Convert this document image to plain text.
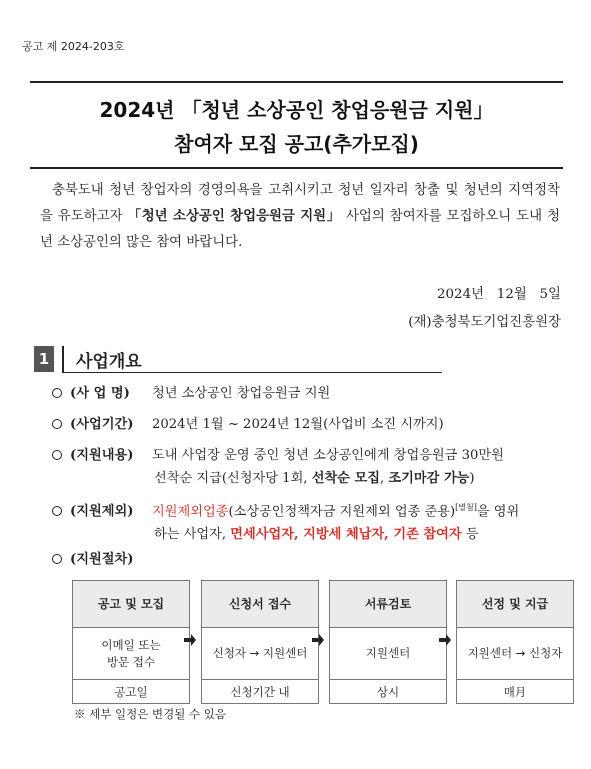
공고 제 2024-203호
2024년 「청년 소상공인 창업응원금 지원」
참여자 모집 공고(추가모집)
충북도내 청년 창업자의 경영의욕을 고취시키고 청년 일자리 창출 및 청년의 지역정착을 유도하고자 「청년 소상공인 창업응원금 지원」 사업의 참여자를 모집하오니 도내 청년 소상공인의 많은 참여 바랍니다.
2024년   12월   5일
(재)충청북도기업진흥원장
1 사업개요
(사 업 명) 청년 소상공인 창업응원금 지원
(사업기간) 2024년 1월 ~ 2024년 12월(사업비 소진 시까지)
(지원내용) 도내 사업장 운영 중인 청년 소상공인에게 창업응원금 30만원
선착순 지급(신청자당 1회, 선착순 모집, 조기마감 가능)
(지원제외) 지원제외업종(소상공인정책자금 지원제외 업종 준용)[별첨]을 영위
하는 사업자, 면세사업자, 지방세 체납자, 기존 참여자 등
(지원절차)
공고 및 모집
이메일 또는
방문 접수
공고일
신청서 접수
신청자 → 지원센터
신청기간 내
서류검토
지원센터
상시
선정 및 지급
지원센터 → 신청자
매月
※ 세부 일정은 변경될 수 있음
